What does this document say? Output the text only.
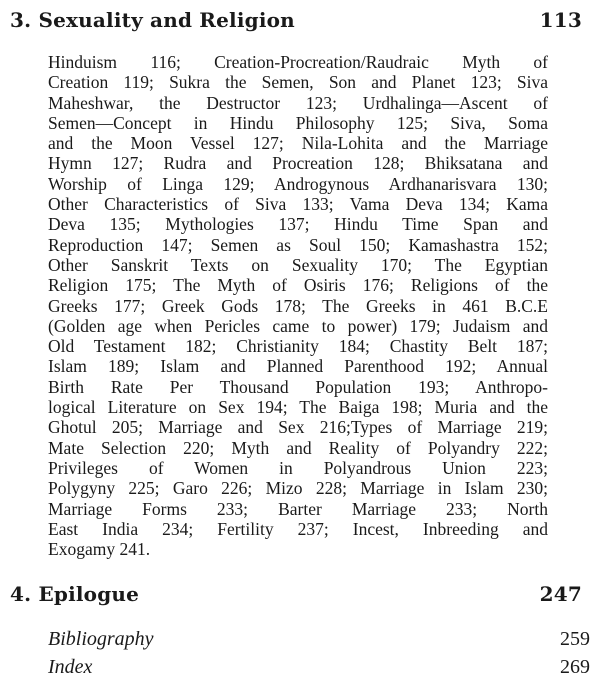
3. Sexuality and Religion	113
Hinduism 116; Creation-Procreation/Raudraic Myth of
Creation 119; Sukra the Semen, Son and Planet 123; Siva
Maheshwar, the Destructor 123; Urdhalinga—Ascent of
Semen—Concept in Hindu Philosophy 125; Siva, Soma
and the Moon Vessel 127; Nila-Lohita and the Marriage
Hymn 127; Rudra and Procreation 128; Bhiksatana and
Worship of Linga 129; Androgynous Ardhanarisvara 130;
Other Characteristics of Siva 133; Vama Deva 134; Kama
Deva 135; Mythologies 137; Hindu Time Span and
Reproduction 147; Semen as Soul 150; Kamashastra 152;
Other Sanskrit Texts on Sexuality 170; The Egyptian
Religion 175; The Myth of Osiris 176; Religions of the
Greeks 177; Greek Gods 178; The Greeks in 461 B.C.E
(Golden age when Pericles came to power) 179; Judaism and
Old Testament 182; Christianity 184; Chastity Belt 187;
Islam 189; Islam and Planned Parenthood 192; Annual
Birth Rate Per Thousand Population 193; Anthropo-
logical Literature on Sex 194; The Baiga 198; Muria and the
Ghotul 205; Marriage and Sex 216;Types of Marriage 219;
Mate Selection 220; Myth and Reality of Polyandry 222;
Privileges of Women in Polyandrous Union 223;
Polygyny 225; Garo 226; Mizo 228; Marriage in Islam 230;
Marriage Forms 233; Barter Marriage 233; North
East India 234; Fertility 237; Incest, Inbreeding and
Exogamy 241.
4. Epilogue	247
Bibliography	259
Index	269
